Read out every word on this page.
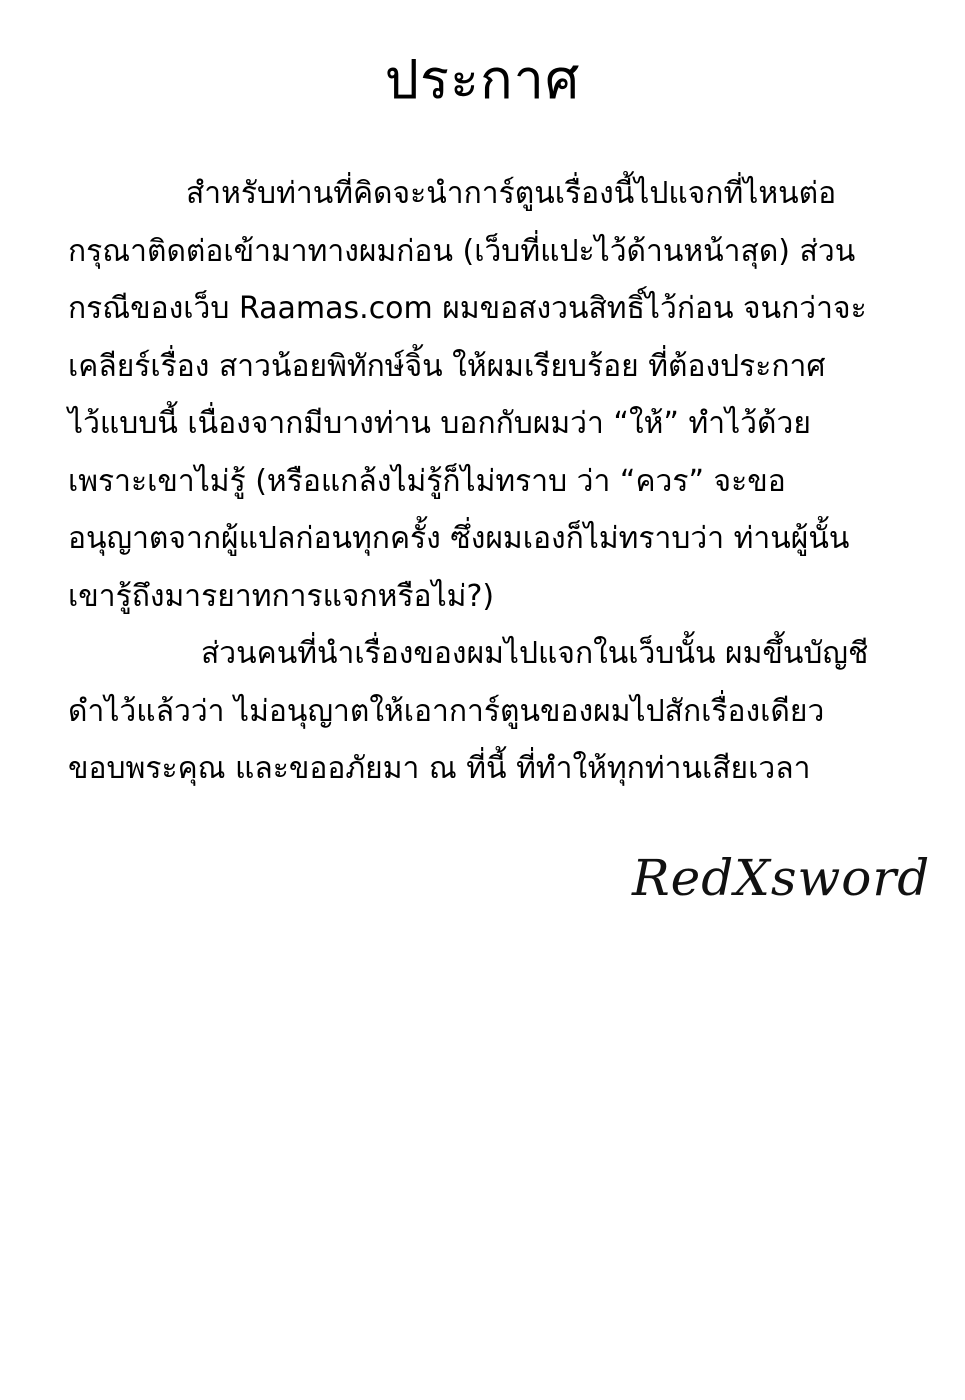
ประกาศ
สำหรับท่านที่คิดจะนำการ์ตูนเรื่องนี้ไปแจกที่ไหนต่อ
กรุณาติดต่อเข้ามาทางผมก่อน (เว็บที่แปะไว้ด้านหน้าสุด) ส่วน
กรณีของเว็บ Raamas.com ผมขอสงวนสิทธิ์ไว้ก่อน จนกว่าจะ
เคลียร์เรื่อง สาวน้อยพิทักษ์จิ้น ให้ผมเรียบร้อย ที่ต้องประกาศ
ไว้แบบนี้ เนื่องจากมีบางท่าน บอกกับผมว่า “ให้” ทำไว้ด้วย
เพราะเขาไม่รู้ (หรือแกล้งไม่รู้ก็ไม่ทราบ ว่า “ควร” จะขอ
อนุญาตจากผู้แปลก่อนทุกครั้ง ซึ่งผมเองก็ไม่ทราบว่า ท่านผู้นั้น
เขารู้ถึงมารยาทการแจกหรือไม่?)
ส่วนคนที่นำเรื่องของผมไปแจกในเว็บนั้น ผมขึ้นบัญชี
ดำไว้แล้วว่า ไม่อนุญาตให้เอาการ์ตูนของผมไปสักเรื่องเดียว
ขอบพระคุณ และขออภัยมา ณ ที่นี้ ที่ทำให้ทุกท่านเสียเวลา
RedXsword
